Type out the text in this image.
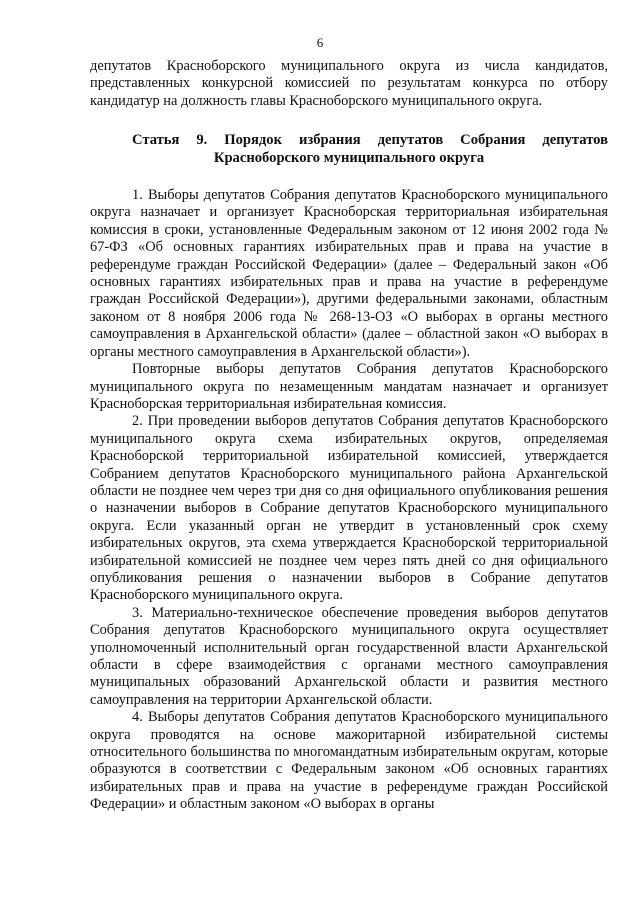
6

депутатов Красноборского муниципального округа из числа кандидатов, представленных конкурсной комиссией по результатам конкурса по отбору кандидатур на должность главы Красноборского муниципального округа.

Статья 9. Порядок избрания депутатов Собрания депутатов
Красноборского муниципального округа

1. Выборы депутатов Собрания депутатов Красноборского муниципального округа назначает и организует Красноборская территориальная избирательная комиссия в сроки, установленные Федеральным законом от 12 июня 2002 года № 67-ФЗ «Об основных гарантиях избирательных прав и права на участие в референдуме граждан Российской Федерации» (далее – Федеральный закон «Об основных гарантиях избирательных прав и права на участие в референдуме граждан Российской Федерации»), другими федеральными законами, областным законом от 8 ноября 2006 года № 268-13-ОЗ «О выборах в органы местного самоуправления в Архангельской области» (далее – областной закон «О выборах в органы местного самоуправления в Архангельской области»).

Повторные выборы депутатов Собрания депутатов Красноборского муниципального округа по незамещенным мандатам назначает и организует Красноборская территориальная избирательная комиссия.

2. При проведении выборов депутатов Собрания депутатов Красноборского муниципального округа схема избирательных округов, определяемая Красноборской территориальной избирательной комиссией, утверждается Собранием депутатов Красноборского муниципального района Архангельской области не позднее чем через три дня со дня официального опубликования решения о назначении выборов в Собрание депутатов Красноборского муниципального округа. Если указанный орган не утвердит в установленный срок схему избирательных округов, эта схема утверждается Красноборской территориальной избирательной комиссией не позднее чем через пять дней со дня официального опубликования решения о назначении выборов в Собрание депутатов Красноборского муниципального округа.

3. Материально-техническое обеспечение проведения выборов депутатов Собрания депутатов Красноборского муниципального округа осуществляет уполномоченный исполнительный орган государственной власти Архангельской области в сфере взаимодействия с органами местного самоуправления муниципальных образований Архангельской области и развития местного самоуправления на территории Архангельской области.

4. Выборы депутатов Собрания депутатов Красноборского муниципального округа проводятся на основе мажоритарной избирательной системы относительного большинства по многомандатным избирательным округам, которые образуются в соответствии с Федеральным законом «Об основных гарантиях избирательных прав и права на участие в референдуме граждан Российской Федерации» и областным законом «О выборах в органы
